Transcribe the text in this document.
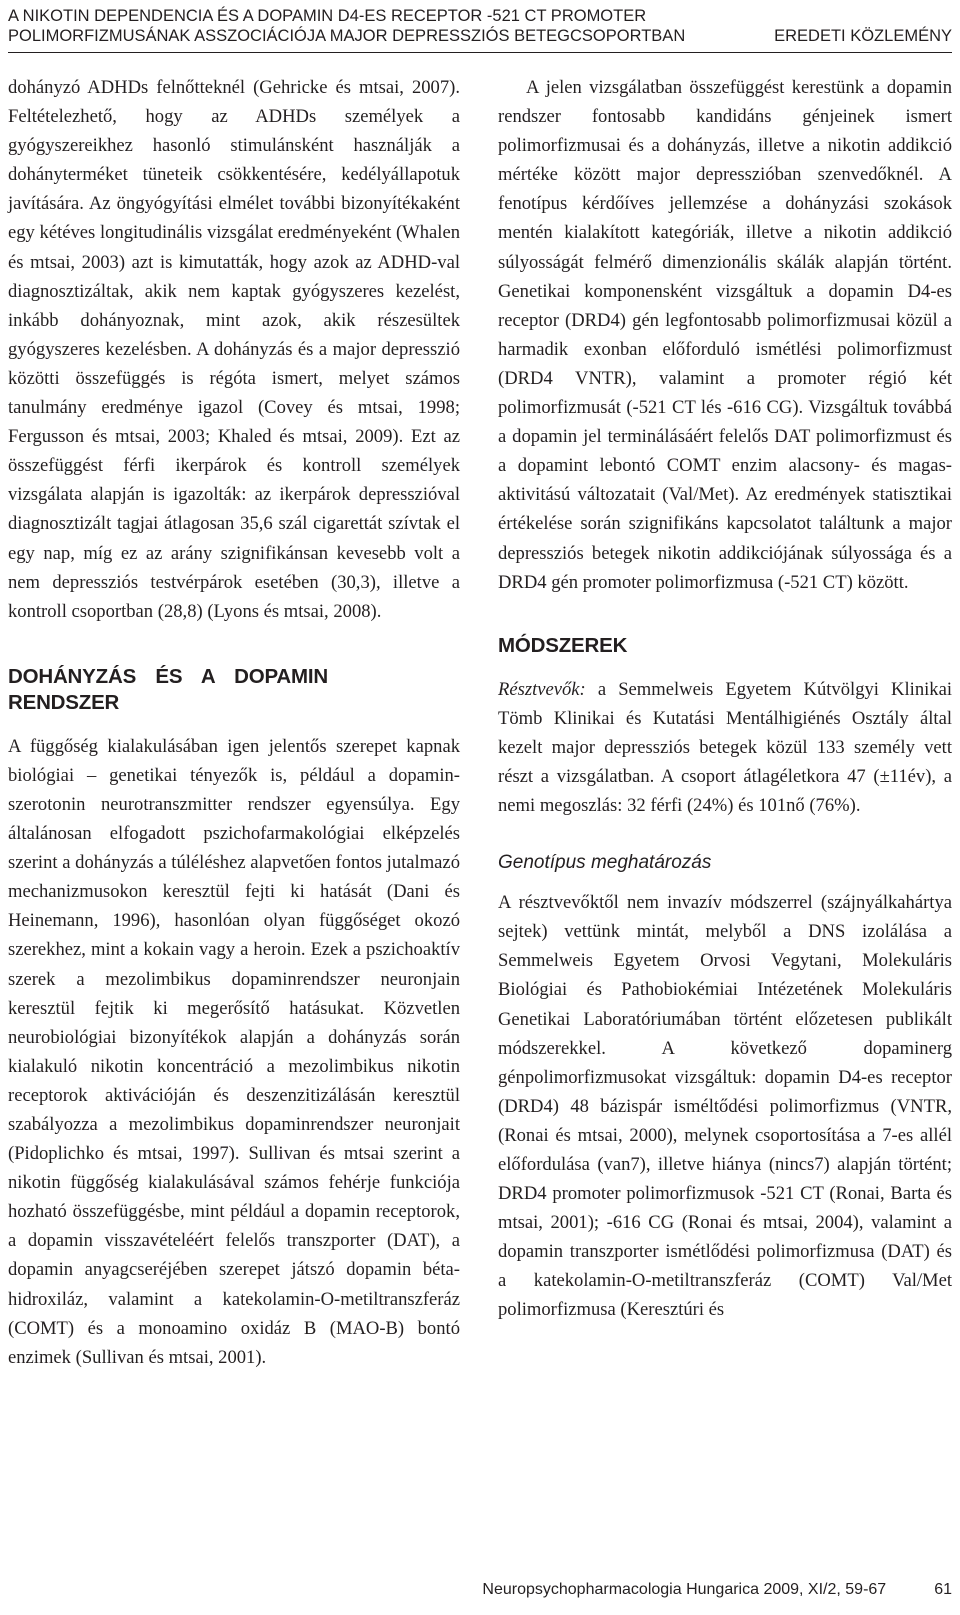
A NIKOTIN DEPENDENCIA ÉS A DOPAMIN D4-ES RECEPTOR -521 CT PROMOTER
POLIMORFIZMUSÁNAK ASSZOCIÁCIÓJA MAJOR DEPRESSZIÓS BETEGCSOPORTBAN	EREDETI KÖZLEMÉNY

dohányzó ADHDs felnőtteknél (Gehricke és mtsai, 2007). Feltételezhető, hogy az ADHDs személyek a gyógyszereikhez hasonló stimulánsként használják a dohányterméket tüneteik csökkentésére, kedélyállapotuk javítására. Az öngyógyítási elmélet további bizonyítékaként egy kétéves longitudinális vizsgálat eredményeként (Whalen és mtsai, 2003) azt is kimutatták, hogy azok az ADHD-val diagnosztizáltak, akik nem kaptak gyógyszeres kezelést, inkább dohányoznak, mint azok, akik részesültek gyógyszeres kezelésben. A dohányzás és a major depresszió közötti összefüggés is régóta ismert, melyet számos tanulmány eredménye igazol (Covey és mtsai, 1998; Fergusson és mtsai, 2003; Khaled és mtsai, 2009). Ezt az összefüggést férfi ikerpárok és kontroll személyek vizsgálata alapján is igazolták: az ikerpárok depresszióval diagnosztizált tagjai átlagosan 35,6 szál cigarettát szívtak el egy nap, míg ez az arány szignifikánsan kevesebb volt a nem depressziós testvérpárok esetében (30,3), illetve a kontroll csoportban (28,8) (Lyons és mtsai, 2008).

DOHÁNYZÁS ÉS A DOPAMIN RENDSZER

A függőség kialakulásában igen jelentős szerepet kapnak biológiai – genetikai tényezők is, például a dopamin-szerotonin neurotranszmitter rendszer egyensúlya. Egy általánosan elfogadott pszichofarmakológiai elképzelés szerint a dohányzás a túléléshez alapvetően fontos jutalmazó mechanizmusokon keresztül fejti ki hatását (Dani és Heinemann, 1996), hasonlóan olyan függőséget okozó szerekhez, mint a kokain vagy a heroin. Ezek a pszichoaktív szerek a mezolimbikus dopaminrendszer neuronjain keresztül fejtik ki megerősítő hatásukat. Közvetlen neurobiológiai bizonyítékok alapján a dohányzás során kialakuló nikotin koncentráció a mezolimbikus nikotin receptorok aktivációján és deszenzitizálásán keresztül szabályozza a mezolimbikus dopaminrendszer neuronjait (Pidoplichko és mtsai, 1997). Sullivan és mtsai szerint a nikotin függőség kialakulásával számos fehérje funkciója hozható összefüggésbe, mint például a dopamin receptorok, a dopamin visszavételéért felelős transzporter (DAT), a dopamin anyagcseréjében szerepet játszó dopamin béta-hidroxiláz, valamint a katekolamin-O-metiltranszferáz (COMT) és a monoamino oxidáz B (MAO-B) bontó enzimek (Sullivan és mtsai, 2001).

A jelen vizsgálatban összefüggést kerestünk a dopamin rendszer fontosabb kandidáns génjeinek ismert polimorfizmusai és a dohányzás, illetve a nikotin addikció mértéke között major depresszióban szenvedőknél. A fenotípus kérdőíves jellemzése a dohányzási szokások mentén kialakított kategóriák, illetve a nikotin addikció súlyosságát felmérő dimenzionális skálák alapján történt. Genetikai komponensként vizsgáltuk a dopamin D4-es receptor (DRD4) gén legfontosabb polimorfizmusai közül a harmadik exonban előforduló ismétlési polimorfizmust (DRD4 VNTR), valamint a promoter régió két polimorfizmusát (-521 CT lés -616 CG). Vizsgáltuk továbbá a dopamin jel terminálásáért felelős DAT polimorfizmust és a dopamint lebontó COMT enzim alacsony- és magas-aktivitású változatait (Val/Met). Az eredmények statisztikai értékelése során szignifikáns kapcsolatot találtunk a major depressziós betegek nikotin addikciójának súlyossága és a DRD4 gén promoter polimorfizmusa (-521 CT) között.

MÓDSZEREK

Résztvevők: a Semmelweis Egyetem Kútvölgyi Klinikai Tömb Klinikai és Kutatási Mentálhigiénés Osztály által kezelt major depressziós betegek közül 133 személy vett részt a vizsgálatban. A csoport átlagéletkora 47 (±11év), a nemi megoszlás: 32 férfi (24%) és 101nő (76%).

Genotípus meghatározás

A résztvevőktől nem invazív módszerrel (szájnyálkahártya sejtek) vettünk mintát, melyből a DNS izolálása a Semmelweis Egyetem Orvosi Vegytani, Molekuláris Biológiai és Pathobiokémiai Intézetének Molekuláris Genetikai Laboratóriumában történt előzetesen publikált módszerekkel. A következő dopaminerg génpolimorfizmusokat vizsgáltuk: dopamin D4-es receptor (DRD4) 48 bázispár isméltődési polimorfizmus (VNTR,(Ronai és mtsai, 2000), melynek csoportosítása a 7-es allél előfordulása (van7), illetve hiánya (nincs7) alapján történt; DRD4 promoter polimorfizmusok -521 CT (Ronai, Barta és mtsai, 2001); -616 CG (Ronai és mtsai, 2004), valamint a dopamin transzporter ismétlődési polimorfizmusa (DAT) és a katekolamin-O-metiltranszferáz (COMT) Val/Met polimorfizmusa (Keresztúri és

Neuropsychopharmacologia Hungarica 2009, XI/2, 59-67	61
